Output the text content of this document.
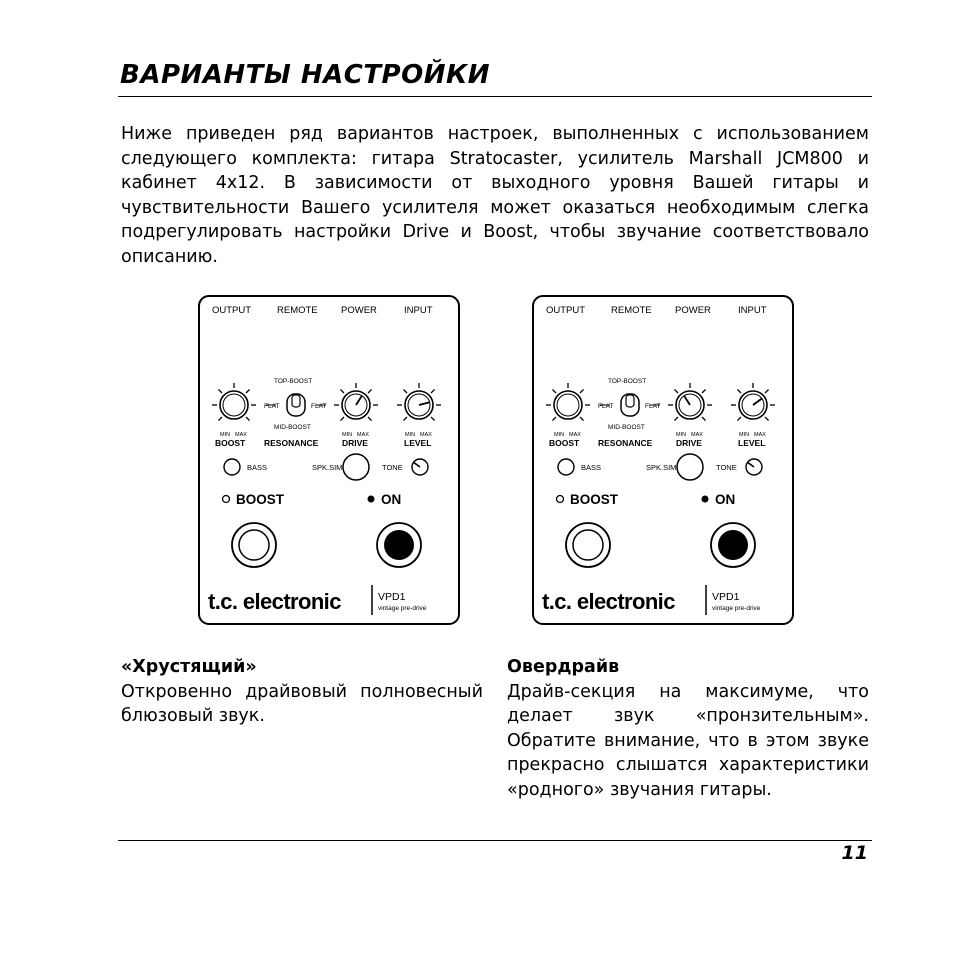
ВАРИАНТЫ НАСТРОЙКИ

Ниже приведен ряд вариантов настроек, выполненных с использованием следующего комплекта: гитара Stratocaster, усилитель Marshall JCM800 и кабинет 4x12. В зависимости от выходного уровня Вашей гитары и чувствительности Вашего усилителя может оказаться необходимым слегка подрегулировать настройки Drive и Boost, чтобы звучание соответствовало описанию.

OUTPUT	REMOTE POWER	INPUT
TOP-BOOST
FLAT	FLAT
MID-BOOST
MIN MAX	MIN MAX	MIN MAX
BOOST RESONANCE	DRIVE	LEVEL
BASS	SPK.SIM	TONE
BOOST	ON
t.c. electronic	VPD1
vintage pre-drive
OUTPUT	REMOTE POWER	INPUT
TOP-BOOST
FLAT	FLAT
MID-BOOST
MIN MAX	MIN MAX	MIN MAX
BOOST RESONANCE	DRIVE	LEVEL
BASS	SPK.SIM	TONE
BOOST	ON
t.c. electronic	VPD1
vintage pre-drive
«Хрустящий»

Откровенно драйвовый полновесный блюзовый звук.

Овердрайв

Драйв-секция на максимуме, что делает звук «пронзительным». Обратите внимание, что в этом звуке прекрасно слышатся характеристики «родного» звучания гитары.

11
